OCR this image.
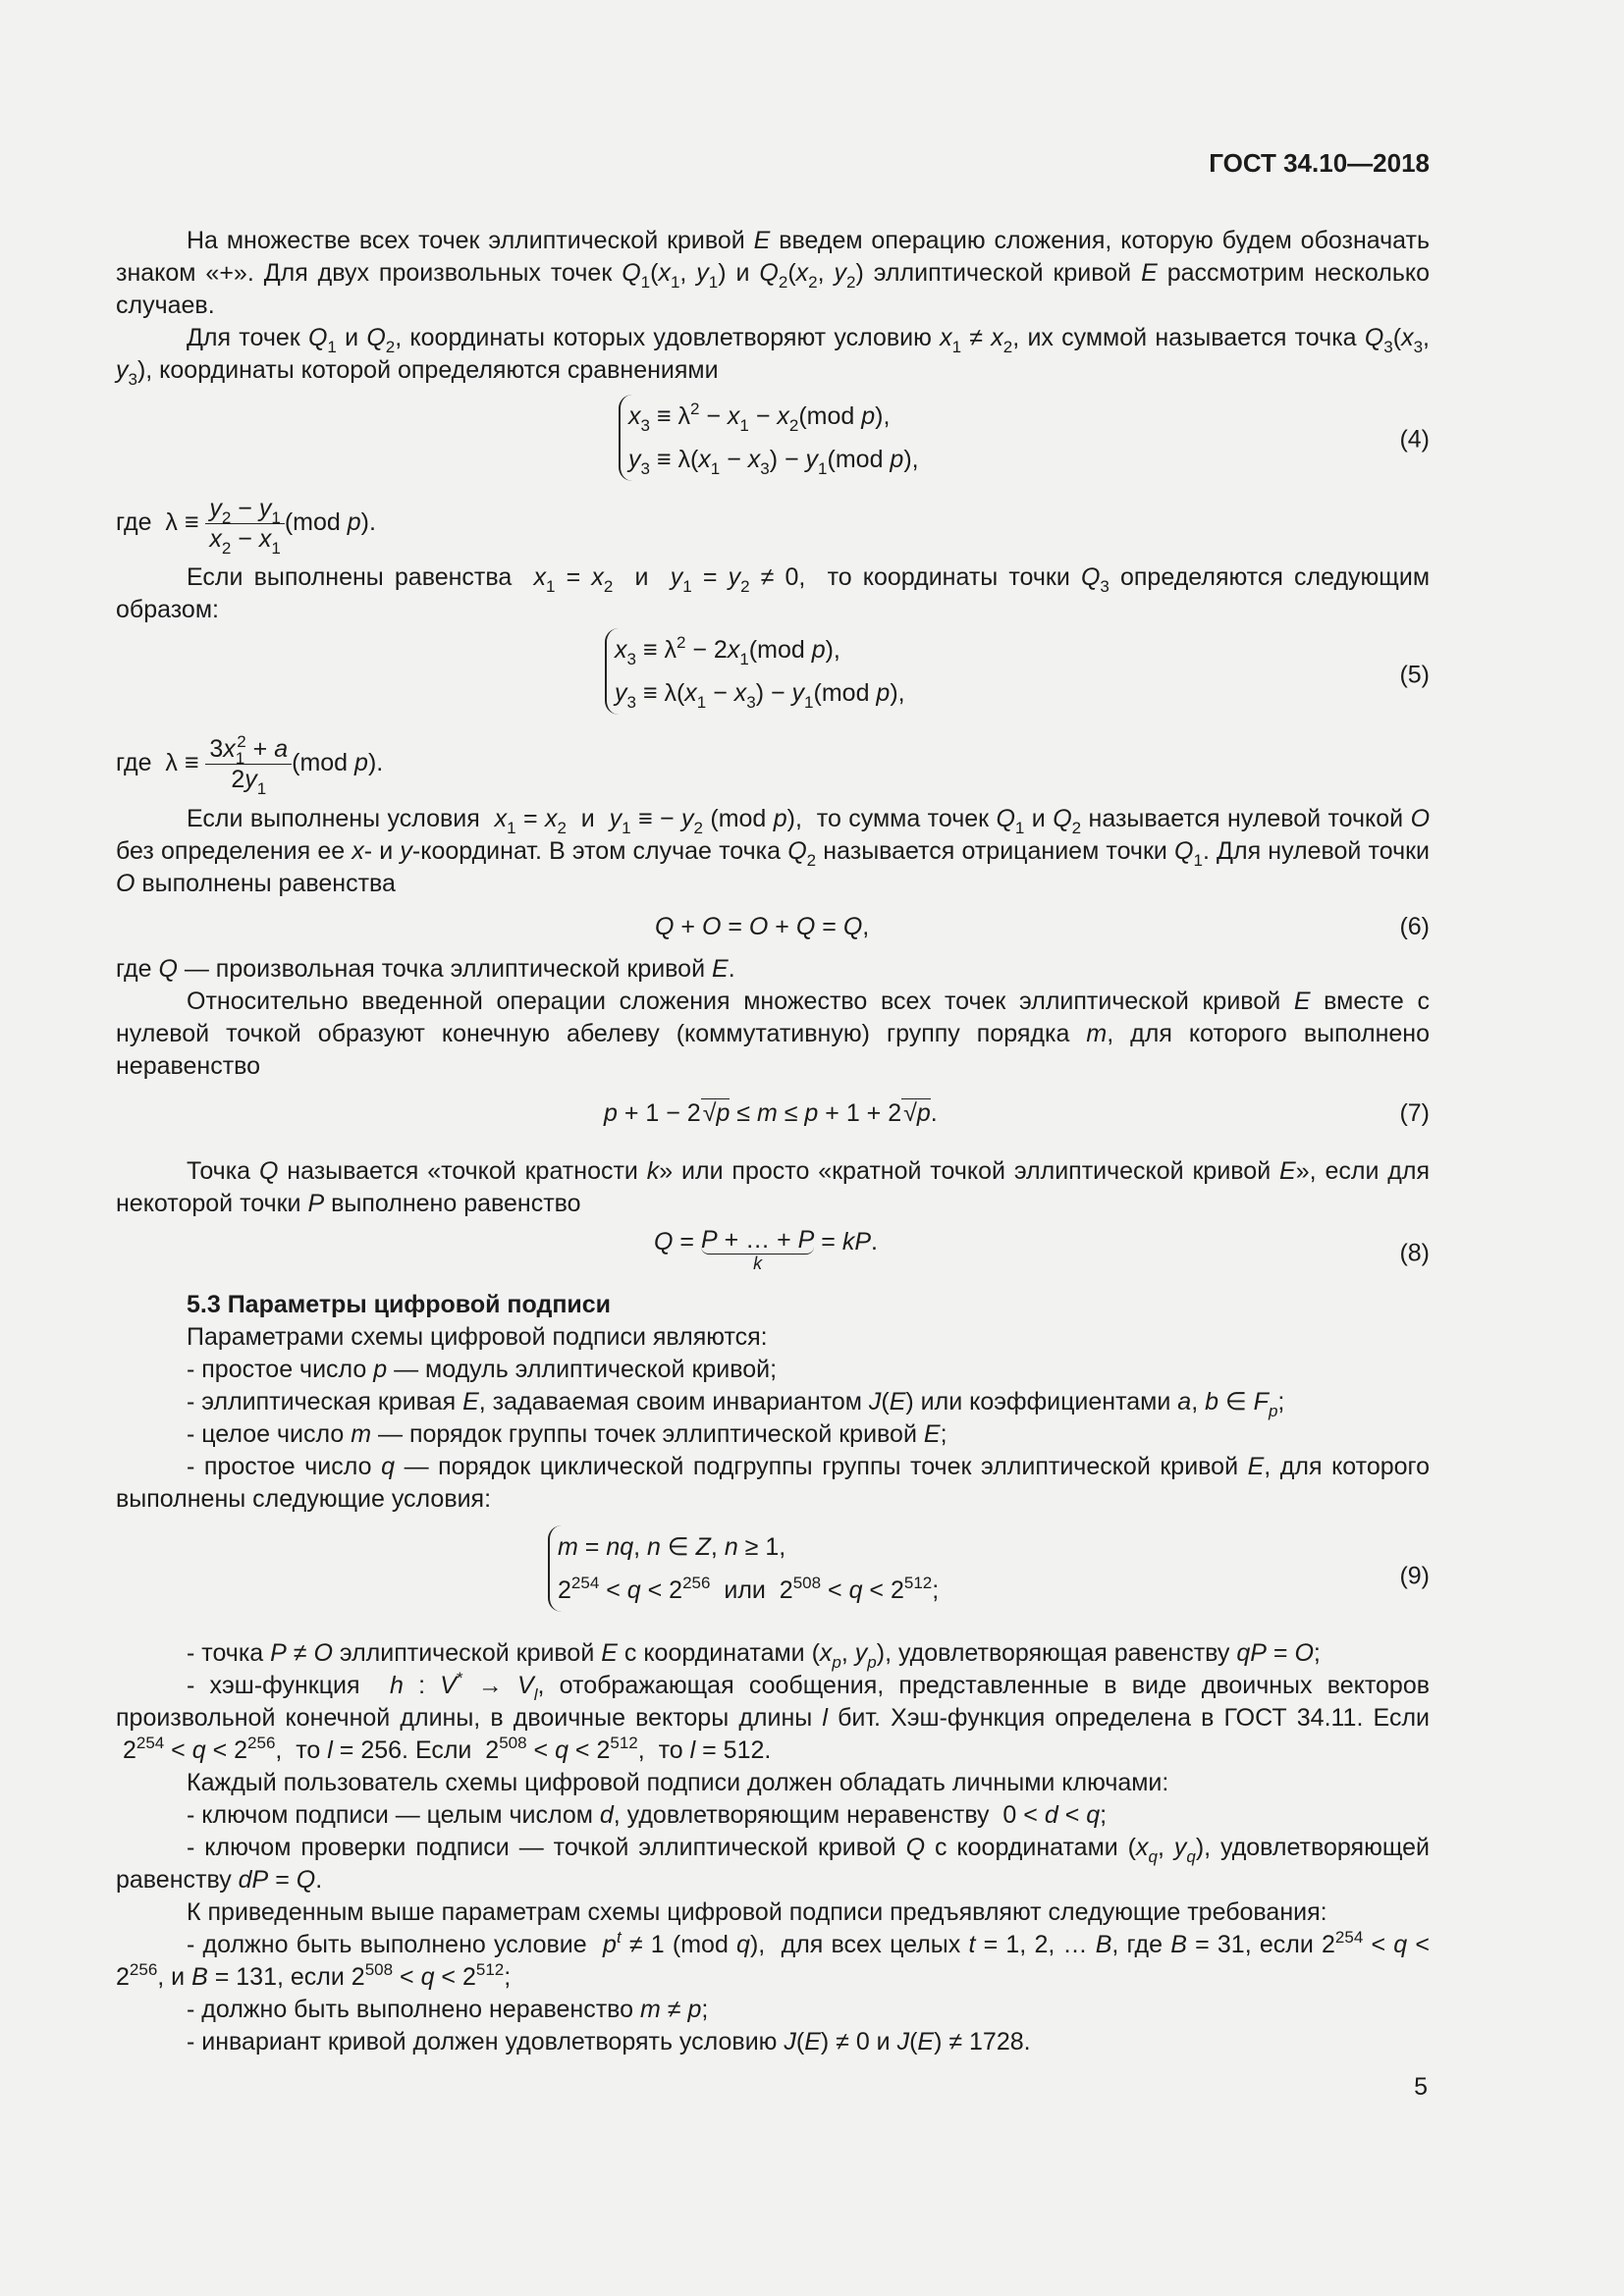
ГОСТ 34.10—2018

На множестве всех точек эллиптической кривой E введем операцию сложения, которую будем обозначать знаком «+». Для двух произвольных точек $Q_1(x_1$, $y_1$) и $Q_2(x_2$, $y_2$) эллиптической кривой E рассмотрим несколько случаев.

Для точек $Q_1$ и $Q_2$, координаты которых удовлетворяют условию $x_1 \ne x_2$, их суммой называется точка $Q_3(x_3$, $y_3$), координаты которой определяются сравнениями

$x_3 \equiv \lambda^2 - x_1 - x_2(mod$ p),
$y_3 \equiv \lambda(x_1 - x_3) - y_1(mod$ p),
(4)

где  $\lambda \equiv \frac{y_2 - y_1}{x_2 - x_1} (mod$ p).

Если выполнены равенства  $x_1 = x_2$  и  $y_1 = y_2 \ne 0$,  то координаты точки $Q_3$ определяются следующим образом:

$x_3 \equiv \lambda^2 - 2x_1(mod$ p),
$y_3 \equiv \lambda(x_1 - x_3) - y_1(mod$ p),
(5)

где  $\lambda \equiv \frac{3x_1^2 + a}{2y_1} (mod$ p).

Если выполнены условия  $x_1 = x_2$  и  $y_1$ ≡ − $y_2$ (mod p),  то сумма точек $Q_1$ и $Q_2$ называется нулевой точкой O без определения ее x- и y-координат. В этом случае точка $Q_2$ называется отрицанием точки $Q_1$. Для нулевой точки O выполнены равенства

Q + O = O + Q = Q,	(6)

где Q — произвольная точка эллиптической кривой E.

Относительно введенной операции сложения множество всех точек эллиптической кривой E вместе с нулевой точкой образуют конечную абелеву (коммутативную) группу порядка m, для которого выполнено неравенство

p + 1 − 2√p ≤ m ≤ p + 1 + 2√p.	(7)

Точка Q называется «точкой кратности k» или просто «кратной точкой эллиптической кривой E», если для некоторой точки P выполнено равенство

Q = P + … + P
k
= kP.	(8)

5.3 Параметры цифровой подписи

Параметрами схемы цифровой подписи являются:

- простое число p — модуль эллиптической кривой;

- эллиптическая кривая E, задаваемая своим инвариантом J(E) или коэффициентами a, b ∈ $F_p$;

- целое число m — порядок группы точек эллиптической кривой E;

- простое число q — порядок циклической подгруппы группы точек эллиптической кривой E, для которого выполнены следующие условия:

m = nq, n ∈ Z, n ≥ 1,
$2^{254} < q < 2^{256}$  или  $2^{508} < q < 2^{512}$;
(9)

- точка P ≠ O эллиптической кривой E с координатами ($x_p$, $y_p$), удовлетворяющая равенству qP = O;

- хэш-функция  h : $V^* \to V_l$, отображающая сообщения, представленные в виде двоичных векторов произвольной конечной длины, в двоичные векторы длины l бит. Хэш-функция определена в ГОСТ 34.11. Если  $2^{254} < q < 2^{256}$,  то l = 256. Если  $2^{508} < q < 2^{512}$,  то l = 512.

Каждый пользователь схемы цифровой подписи должен обладать личными ключами:

- ключом подписи — целым числом d, удовлетворяющим неравенству  0 < d < q;

- ключом проверки подписи — точкой эллиптической кривой Q с координатами ($x_q$, $y_q$), удовлетворяющей равенству dP = Q.

К приведенным выше параметрам схемы цифровой подписи предъявляют следующие требования:

- должно быть выполнено условие  $p^t \ne 1$ (mod q),  для всех целых t = 1, 2, … B, где B = 31, если $2^{254} < q < 2^{256}$, и B = 131, если $2^{508} < q < 2^{512}$;

- должно быть выполнено неравенство m ≠ p;

- инвариант кривой должен удовлетворять условию J(E) ≠ 0 и J(E) ≠ 1728.

5
